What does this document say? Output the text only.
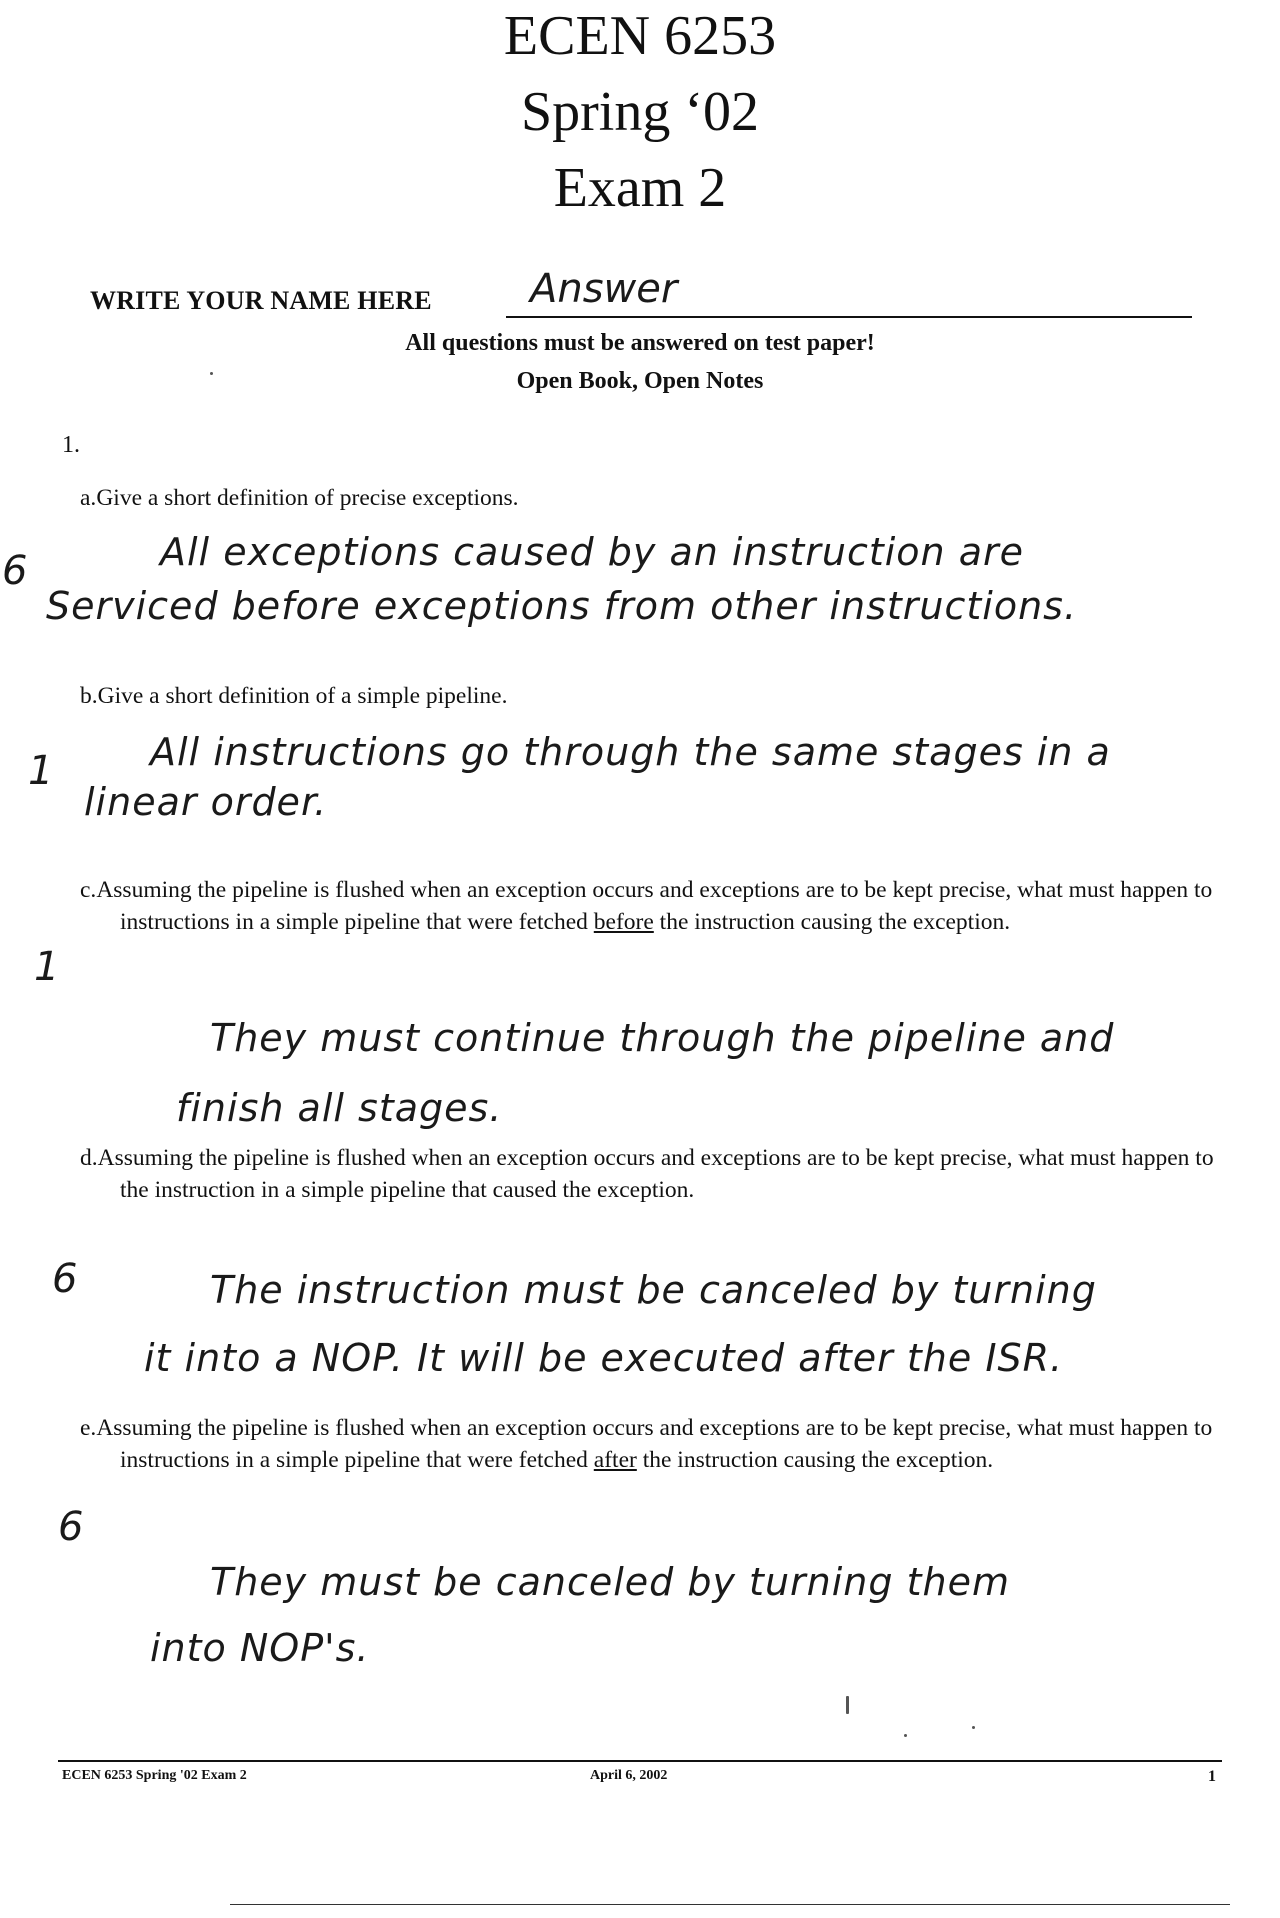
ECEN 6253
Spring ‘02
Exam 2
WRITE YOUR NAME HERE Answer
All questions must be answered on test paper!
Open Book, Open Notes
1.
a.Give a short definition of precise exceptions.
All exceptions caused by an instruction are
Serviced before exceptions from other instructions.
6
b.Give a short definition of a simple pipeline.
All instructions go through the same stages in a
linear order.
1
c.Assuming the pipeline is flushed when an exception occurs and exceptions are to be kept precise, what must happen to instructions in a simple pipeline that were fetched before the instruction causing the exception.
They must continue through the pipeline and
finish all stages.
1
d.Assuming the pipeline is flushed when an exception occurs and exceptions are to be kept precise, what must happen to the instruction in a simple pipeline that caused the exception.
The instruction must be canceled by turning
it into a NOP. It will be executed after the ISR.
6
e.Assuming the pipeline is flushed when an exception occurs and exceptions are to be kept precise, what must happen to instructions in a simple pipeline that were fetched after the instruction causing the exception.
They must be canceled by turning them
into NOP's.
6
ECEN 6253 Spring '02 Exam 2	April 6, 2002	1
